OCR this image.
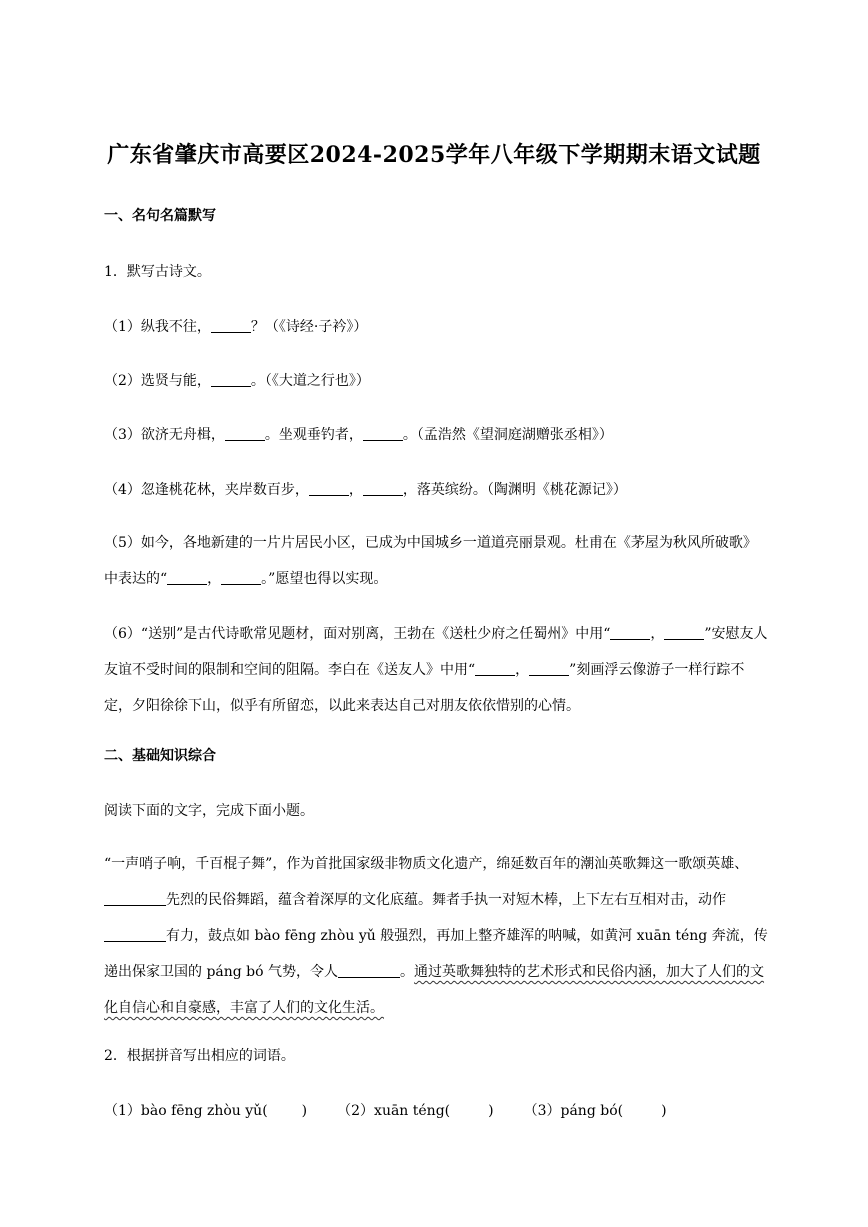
广东省肇庆市高要区2024-2025学年八年级下学期期末语文试题
一、名句名篇默写
1．默写古诗文。
（1）纵我不往，	？（《诗经·子衿》）
（2）选贤与能，	。（《大道之行也》）
（3）欲济无舟楫，	。坐观垂钓者，	。（孟浩然《望洞庭湖赠张丞相》）
（4）忽逢桃花林，夹岸数百步，	，	，落英缤纷。（陶渊明《桃花源记》）
（5）如今，各地新建的一片片居民小区，已成为中国城乡一道道亮丽景观。杜甫在《茅屋为秋风所破歌》中表达的“	，	。”愿望也得以实现。
（6）“送别”是古代诗歌常见题材，面对别离，王勃在《送杜少府之任蜀州》中用“	，	”安慰友人友谊不受时间的限制和空间的阻隔。李白在《送友人》中用“	，	”刻画浮云像游子一样行踪不定，夕阳徐徐下山，似乎有所留恋，以此来表达自己对朋友依依惜别的心情。
二、基础知识综合
阅读下面的文字，完成下面小题。
“一声哨子响，千百棍子舞”，作为首批国家级非物质文化遗产，绵延数百年的潮汕英歌舞这一歌颂英雄、先烈的民俗舞蹈，蕴含着深厚的文化底蕴。舞者手执一对短木棒，上下左右互相对击，动作有力，鼓点如 bào fēng zhòu yǔ 般强烈，再加上整齐雄浑的呐喊，如黄河 xuān téng 奔流，传递出保家卫国的 páng bó 气势，令人	。通过英歌舞独特的艺术形式和民俗内涵，加大了人们的文化自信心和自豪感，丰富了人们的文化生活。
2．根据拼音写出相应的词语。
（1）bào fēng zhòu yǔ( ) （2）xuān téng(	) （3）páng bó(	)
